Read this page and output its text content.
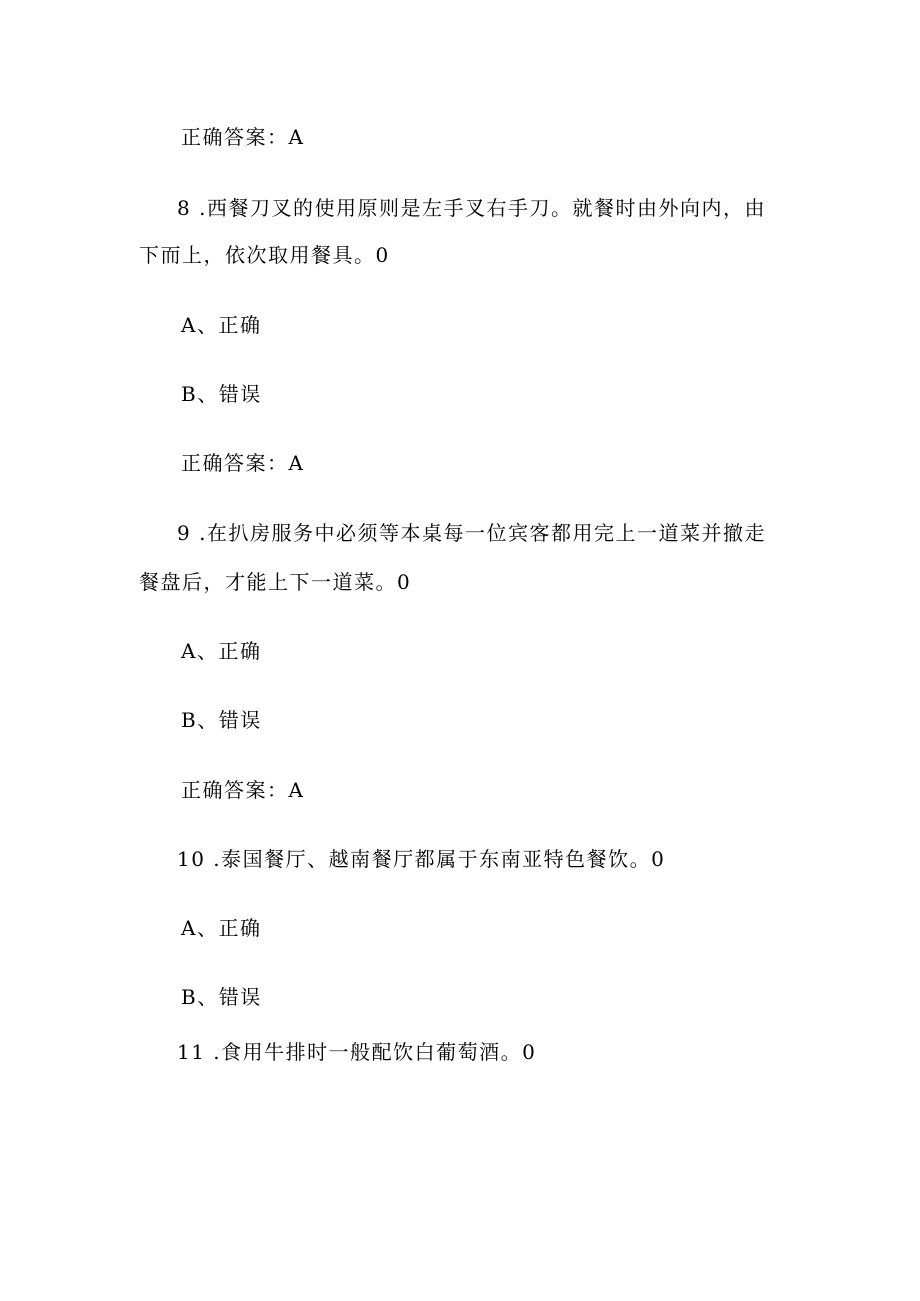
正确答案：A
8 .西餐刀叉的使用原则是左手叉右手刀。就餐时由外向内，由
下而上，依次取用餐具。0
A、正确
B、错误
正确答案：A
9 .在扒房服务中必须等本桌每一位宾客都用完上一道菜并撤走
餐盘后，才能上下一道菜。0
A、正确
B、错误
正确答案：A
10 .泰国餐厅、越南餐厅都属于东南亚特色餐饮。0
A、正确
B、错误
11 .食用牛排时一般配饮白葡萄酒。0
